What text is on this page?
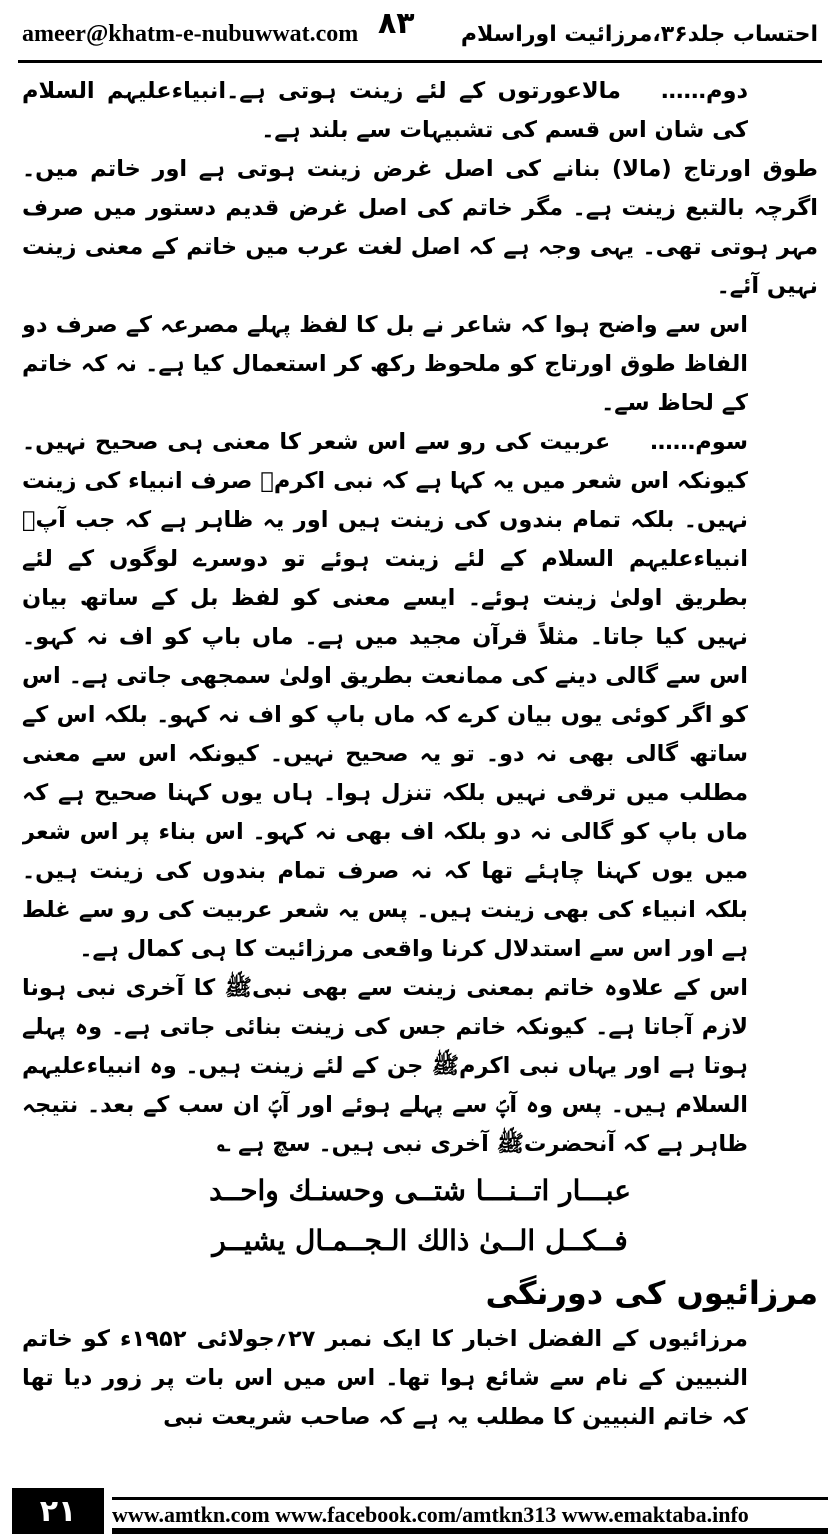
ameer@khatm-e-nubuwwat.com	احتساب جلد۳۶،مرزائیت اوراسلام
۸۳

دوم……مالاعورتوں کے لئے زینت ہوتی ہے۔انبیاءعلیہم السلام کی شان اس قسم کی تشبیہات سے بلند ہے۔

طوق اورتاج (مالا) بنانے کی اصل غرض زینت ہوتی ہے اور خاتم میں۔ اگرچہ بالتبع زینت ہے۔ مگر خاتم کی اصل غرض قدیم دستور میں صرف مہر ہوتی تھی۔ یہی وجہ ہے کہ اصل لغت عرب میں خاتم کے معنی زینت نہیں آئے۔

اس سے واضح ہوا کہ شاعر نے بل کا لفظ پہلے مصرعہ کے صرف دو الفاظ طوق اورتاج کو ملحوظ رکھ کر استعمال کیا ہے۔ نہ کہ خاتم کے لحاظ سے۔

سوم……عربیت کی رو سے اس شعر کا معنی ہی صحیح نہیں۔ کیونکہ اس شعر میں یہ کہا ہے کہ نبی اکرمﷺ صرف انبیاء کی زینت نہیں۔ بلکہ تمام بندوں کی زینت ہیں اور یہ ظاہر ہے کہ جب آپؐ انبیاءعلیہم السلام کے لئے زینت ہوئے تو دوسرے لوگوں کے لئے بطریق اولیٰ زینت ہوئے۔ ایسے معنی کو لفظ بل کے ساتھ بیان نہیں کیا جاتا۔ مثلاً قرآن مجید میں ہے۔ ماں باپ کو اف نہ کہو۔ اس سے گالی دینے کی ممانعت بطریق اولیٰ سمجھی جاتی ہے۔ اس کو اگر کوئی یوں بیان کرے کہ ماں باپ کو اف نہ کہو۔ بلکہ اس کے ساتھ گالی بھی نہ دو۔ تو یہ صحیح نہیں۔ کیونکہ اس سے معنی مطلب میں ترقی نہیں بلکہ تنزل ہوا۔ ہاں یوں کہنا صحیح ہے کہ ماں باپ کو گالی نہ دو بلکہ اف بھی نہ کہو۔ اس بناء پر اس شعر میں یوں کہنا چاہئے تھا کہ نہ صرف تمام بندوں کی زینت ہیں۔ بلکہ انبیاء کی بھی زینت ہیں۔ پس یہ شعر عربیت کی رو سے غلط ہے اور اس سے استدلال کرنا واقعی مرزائیت کا ہی کمال ہے۔

اس کے علاوہ خاتم بمعنی زینت سے بھی نبیﷺ کا آخری نبی ہونا لازم آجاتا ہے۔ کیونکہ خاتم جس کی زینت بنائی جاتی ہے۔ وہ پہلے ہوتا ہے اور یہاں نبی اکرمﷺ جن کے لئے زینت ہیں۔ وہ انبیاءعلیہم السلام ہیں۔ پس وہ آپؐ سے پہلے ہوئے اور آپؐ ان سب کے بعد۔ نتیجہ ظاہر ہے کہ آنحضرتﷺ آخری نبی ہیں۔ سچ ہے ؎

عبـــار اتــنـــا شتــى وحسنـك واحــد
فــكــل الــىٰ ذالك الـجــمـال يشيــر
مرزائیوں کی دورنگی

مرزائیوں کے الفضل اخبار کا ایک نمبر ۲۷؍جولائی ۱۹۵۲ء کو خاتم النبیین کے نام سے شائع ہوا تھا۔ اس میں اس بات پر زور دیا تھا کہ خاتم النبیین کا مطلب یہ ہے کہ صاحب شریعت نبی

۲۱	www.amtkn.com www.facebook.com/amtkn313 www.emaktaba.info
